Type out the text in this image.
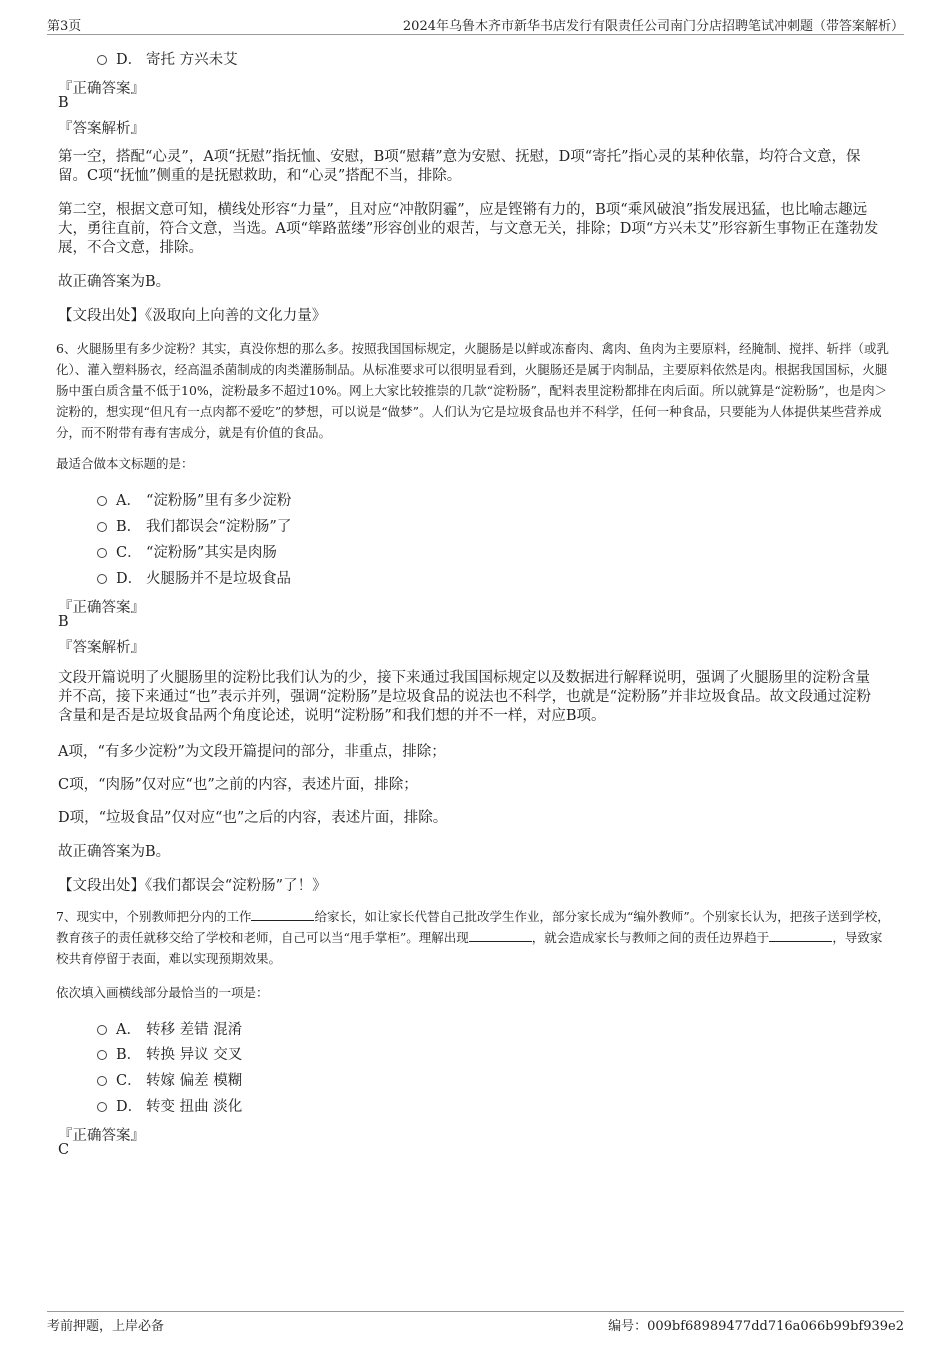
第3页	2024年乌鲁木齐市新华书店发行有限责任公司南门分店招聘笔试冲刺题（带答案解析）
D． 寄托 方兴未艾
『正确答案』
B
『答案解析』
第一空，搭配“心灵”，A项“抚慰”指抚恤、安慰，B项“慰藉”意为安慰、抚慰，D项“寄托”指心灵的某种依靠，均符合文意，保留。C项“抚恤”侧重的是抚慰救助，和“心灵”搭配不当，排除。
第二空，根据文意可知，横线处形容“力量”，且对应“冲散阴霾”，应是铿锵有力的，B项“乘风破浪”指发展迅猛，也比喻志趣远大，勇往直前，符合文意，当选。A项“筚路蓝缕”形容创业的艰苦，与文意无关，排除；D项“方兴未艾”形容新生事物正在蓬勃发展，不合文意，排除。
故正确答案为B。
【文段出处】《汲取向上向善的文化力量》
6、火腿肠里有多少淀粉？其实，真没你想的那么多。按照我国国标规定，火腿肠是以鲜或冻畜肉、禽肉、鱼肉为主要原料，经腌制、搅拌、斩拌（或乳化）、灌入塑料肠衣，经高温杀菌制成的肉类灌肠制品。从标准要求可以很明显看到，火腿肠还是属于肉制品，主要原料依然是肉。根据我国国标，火腿肠中蛋白质含量不低于10%，淀粉最多不超过10%。网上大家比较推崇的几款“淀粉肠”，配料表里淀粉都排在肉后面。所以就算是“淀粉肠”，也是肉＞淀粉的，想实现“但凡有一点肉都不爱吃”的梦想，可以说是“做梦”。人们认为它是垃圾食品也并不科学，任何一种食品，只要能为人体提供某些营养成分，而不附带有毒有害成分，就是有价值的食品。
最适合做本文标题的是：
A． “淀粉肠”里有多少淀粉
B． 我们都误会“淀粉肠”了
C． “淀粉肠”其实是肉肠
D． 火腿肠并不是垃圾食品
『正确答案』
B
『答案解析』
文段开篇说明了火腿肠里的淀粉比我们认为的少，接下来通过我国国标规定以及数据进行解释说明，强调了火腿肠里的淀粉含量并不高，接下来通过“也”表示并列，强调“淀粉肠”是垃圾食品的说法也不科学，也就是“淀粉肠”并非垃圾食品。故文段通过淀粉含量和是否是垃圾食品两个角度论述，说明“淀粉肠”和我们想的并不一样，对应B项。
A项，“有多少淀粉”为文段开篇提问的部分，非重点，排除；
C项，“肉肠”仅对应“也”之前的内容，表述片面，排除；
D项，“垃圾食品”仅对应“也”之后的内容，表述片面，排除。
故正确答案为B。
【文段出处】《我们都误会“淀粉肠”了！》
7、现实中，个别教师把分内的工作	给家长，如让家长代替自己批改学生作业，部分家长成为“编外教师”。个别家长认为，把孩子送到学校，教育孩子的责任就移交给了学校和老师，自己可以当“甩手掌柜”。理解出现	，就会造成家长与教师之间的责任边界趋于	，导致家校共育停留于表面，难以实现预期效果。
依次填入画横线部分最恰当的一项是：
A． 转移 差错 混淆
B． 转换 异议 交叉
C． 转嫁 偏差 模糊
D． 转变 扭曲 淡化
『正确答案』
C
考前押题，上岸必备	编号：009bf68989477dd716a066b99bf939e2
